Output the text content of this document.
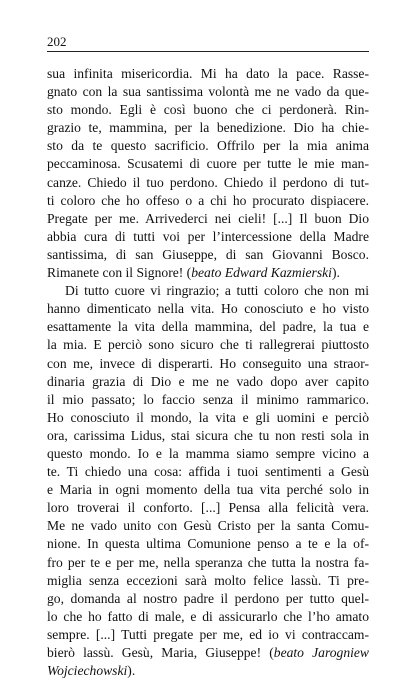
202
sua infinita misericordia. Mi ha dato la pace. Rasse-
gnato con la sua santissima volontà me ne vado da que-
sto mondo. Egli è così buono che ci perdonerà. Rin-
grazio te, mammina, per la benedizione. Dio ha chie-
sto da te questo sacrificio. Offrilo per la mia anima
peccaminosa. Scusatemi di cuore per tutte le mie man-
canze. Chiedo il tuo perdono. Chiedo il perdono di tut-
ti coloro che ho offeso o a chi ho procurato dispiacere.
Pregate per me. Arrivederci nei cieli! [...] Il buon Dio
abbia cura di tutti voi per l’intercessione della Madre
santissima, di san Giuseppe, di san Giovanni Bosco.
Rimanete con il Signore! (beato Edward Kazmierski).
Di tutto cuore vi ringrazio; a tutti coloro che non mi
hanno dimenticato nella vita. Ho conosciuto e ho visto
esattamente la vita della mammina, del padre, la tua e
la mia. E perciò sono sicuro che ti rallegrerai piuttosto
con me, invece di disperarti. Ho conseguito una straor-
dinaria grazia di Dio e me ne vado dopo aver capito
il mio passato; lo faccio senza il minimo rammarico.
Ho conosciuto il mondo, la vita e gli uomini e perciò
ora, carissima Lidus, stai sicura che tu non resti sola in
questo mondo. Io e la mamma siamo sempre vicino a
te. Ti chiedo una cosa: affida i tuoi sentimenti a Gesù
e Maria in ogni momento della tua vita perché solo in
loro troverai il conforto. [...] Pensa alla felicità vera.
Me ne vado unito con Gesù Cristo per la santa Comu-
nione. In questa ultima Comunione penso a te e la of-
fro per te e per me, nella speranza che tutta la nostra fa-
miglia senza eccezioni sarà molto felice lassù. Ti pre-
go, domanda al nostro padre il perdono per tutto quel-
lo che ho fatto di male, e di assicurarlo che l’ho amato
sempre. [...] Tutti pregate per me, ed io vi contraccam-
bierò lassù. Gesù, Maria, Giuseppe! (beato Jarogniew
Wojciechowski).
